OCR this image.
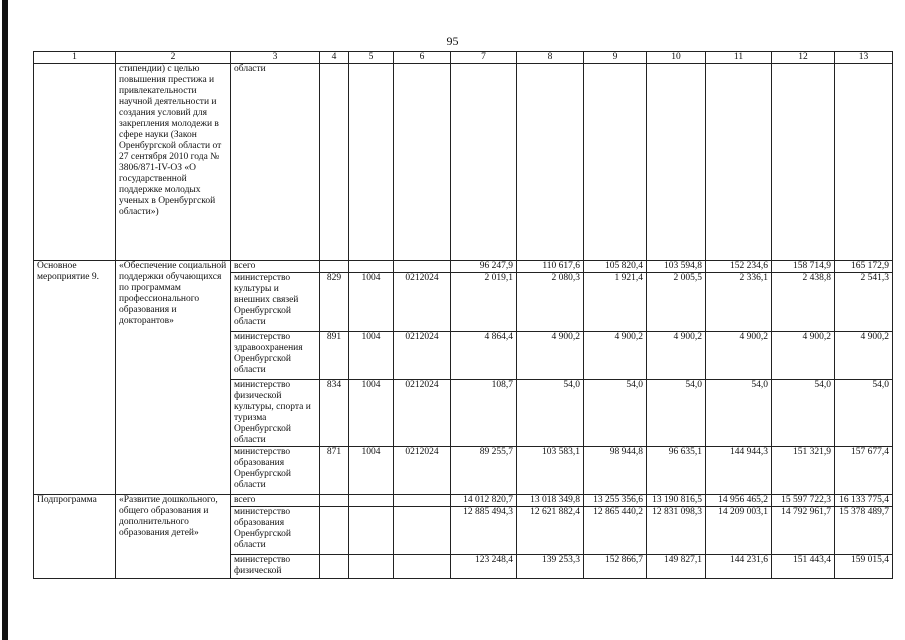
95
1	2	3	4	5	6	7	8	9	10	11	12	13
	стипендии) с целью повышения престижа и привлекательности научной деятельности и создания условий для закрепления молодежи в сфере науки (Закон Оренбургской области от 27 сентября 2010 года № 3806/871-IV-ОЗ «О государственной поддержке молодых ученых в Оренбургской области»)	области										
Основное мероприятие 9.	«Обеспечение социальной поддержки обучающихся по программам профессионального образования и докторантов»	всего				96 247,9	110 617,6	105 820,4	103 594,8	152 234,6	158 714,9	165 172,9
		министерство культуры и внешних связей Оренбургской области	829	1004	0212024	2 019,1	2 080,3	1 921,4	2 005,5	2 336,1	2 438,8	2 541,3
		министерство здравоохранения Оренбургской области	891	1004	0212024	4 864,4	4 900,2	4 900,2	4 900,2	4 900,2	4 900,2	4 900,2
		министерство физической культуры, спорта и туризма Оренбургской области	834	1004	0212024	108,7	54,0	54,0	54,0	54,0	54,0	54,0
		министерство образования Оренбургской области	871	1004	0212024	89 255,7	103 583,1	98 944,8	96 635,1	144 944,3	151 321,9	157 677,4
Подпрограмма	«Развитие дошкольного, общего образования и дополнительного образования детей»	всего				14 012 820,7	13 018 349,8	13 255 356,6	13 190 816,5	14 956 465,2	15 597 722,3	16 133 775,4
		министерство образования Оренбургской области				12 885 494,3	12 621 882,4	12 865 440,2	12 831 098,3	14 209 003,1	14 792 961,7	15 378 489,7
		министерство физической				123 248,4	139 253,3	152 866,7	149 827,1	144 231,6	151 443,4	159 015,4
